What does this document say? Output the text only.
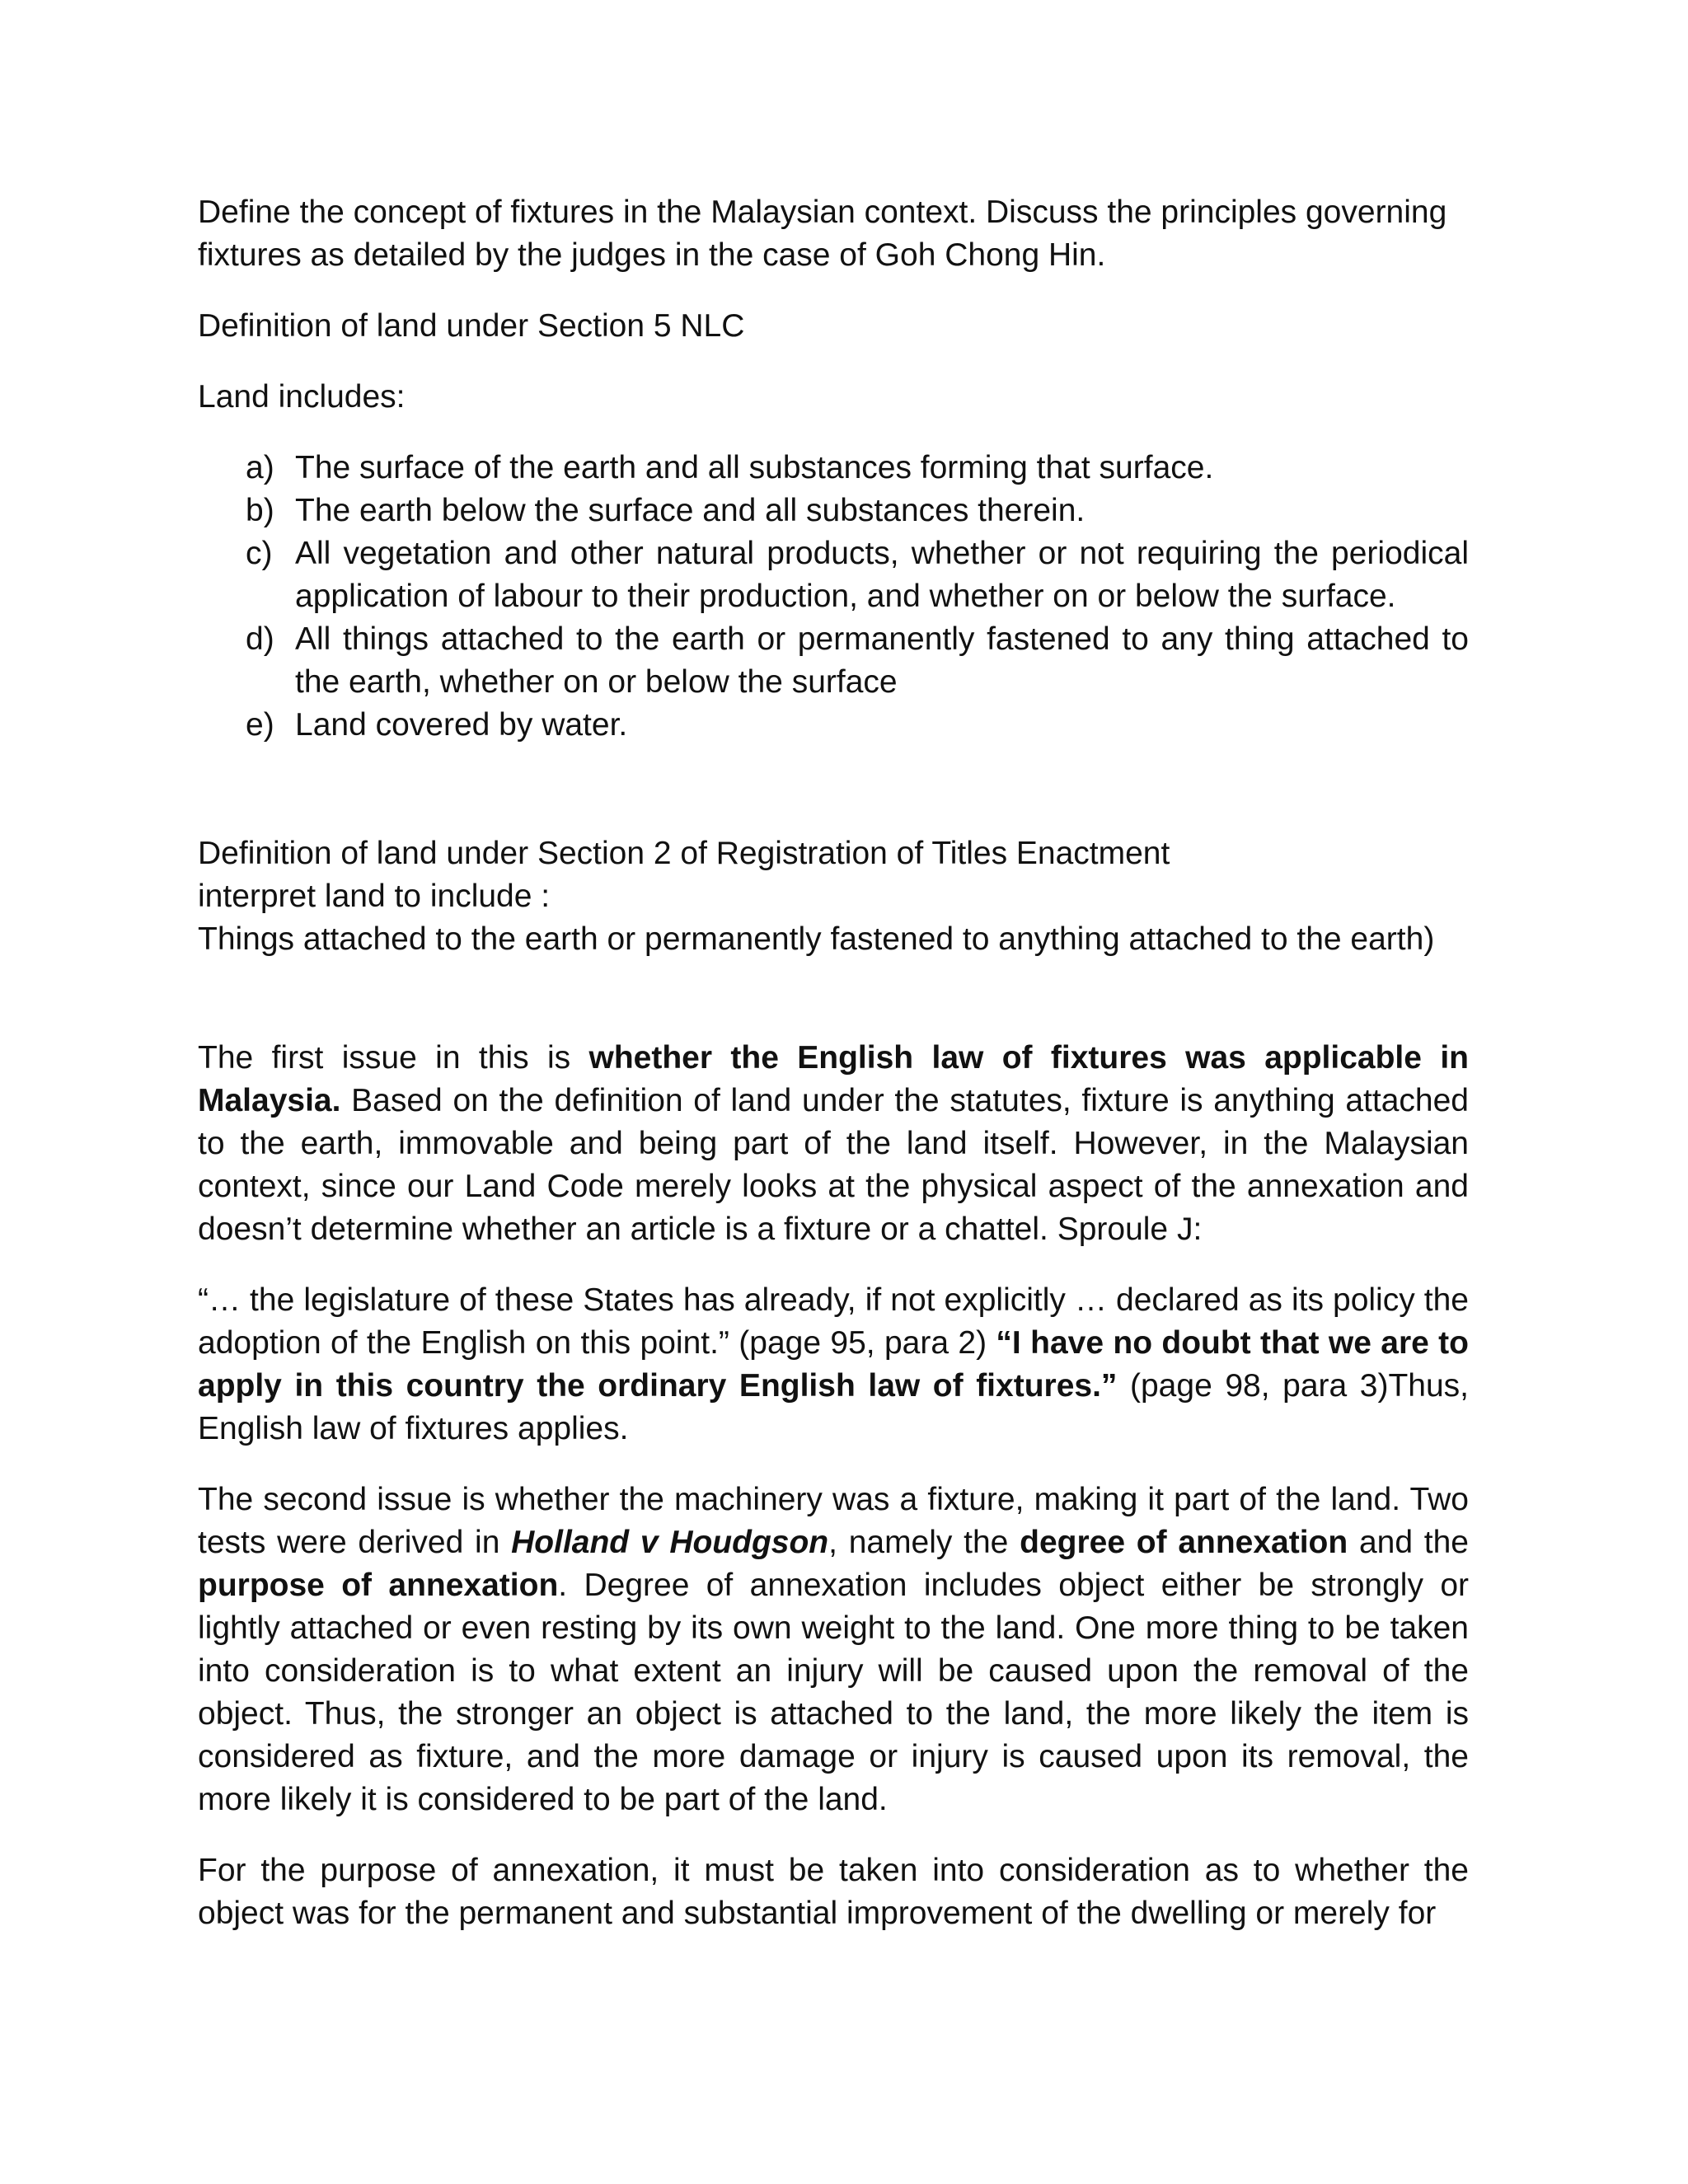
Define the concept of fixtures in the Malaysian context. Discuss the principles governing

fixtures as detailed by the judges in the case of Goh Chong Hin.

Definition of land under Section 5 NLC

Land includes:

a) The surface of the earth and all substances forming that surface.
b) The earth below the surface and all substances therein.
c) All vegetation and other natural products, whether or not requiring the periodical application of labour to their production, and whether on or below the surface.
d) All things attached to the earth or permanently fastened to any thing attached to the earth, whether on or below the surface
e) Land covered by water.

Definition of land under Section 2 of Registration of Titles Enactment

interpret land to include :

Things attached to the earth or permanently fastened to anything attached to the earth)

The first issue in this is whether the English law of fixtures was applicable in Malaysia. Based on the definition of land under the statutes, fixture is anything attached to the earth, immovable and being part of the land itself. However, in the Malaysian context, since our Land Code merely looks at the physical aspect of the annexation and doesn’t determine whether an article is a fixture or a chattel. Sproule J:

“… the legislature of these States has already, if not explicitly … declared as its policy the adoption of the English on this point.” (page 95, para 2) “I have no doubt that we are to apply in this country the ordinary English law of fixtures.” (page 98, para 3)Thus, English law of fixtures applies.

The second issue is whether the machinery was a fixture, making it part of the land. Two tests were derived in Holland v Houdgson, namely the degree of annexation and the purpose of annexation. Degree of annexation includes object either be strongly or lightly attached or even resting by its own weight to the land. One more thing to be taken into consideration is to what extent an injury will be caused upon the removal of the object. Thus, the stronger an object is attached to the land, the more likely the item is considered as fixture, and the more damage or injury is caused upon its removal, the more likely it is considered to be part of the land.

For the purpose of annexation, it must be taken into consideration as to whether the object was for the permanent and substantial improvement of the dwelling or merely for
